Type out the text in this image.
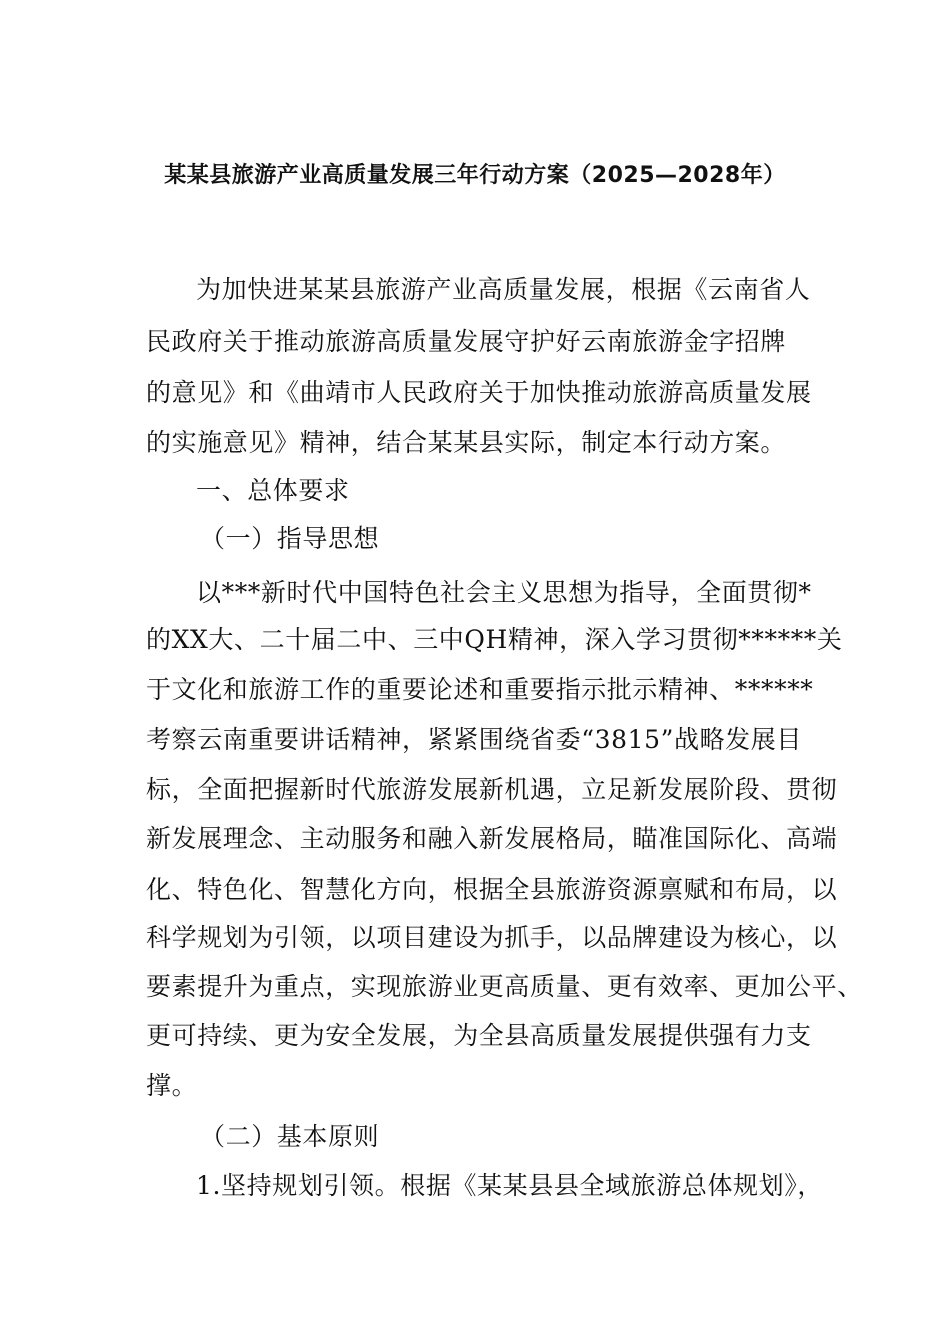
某某县旅游产业高质量发展三年行动方案（2025—2028年）
为加快进某某县旅游产业高质量发展，根据《云南省人
民政府关于推动旅游高质量发展守护好云南旅游金字招牌
的意见》和《曲靖市人民政府关于加快推动旅游高质量发展
的实施意见》精神，结合某某县实际，制定本行动方案。
一、总体要求
（一）指导思想
以***新时代中国特色社会主义思想为指导，全面贯彻*
的XX大、二十届二中、三中QH精神，深入学习贯彻******关
于文化和旅游工作的重要论述和重要指示批示精神、******
考察云南重要讲话精神，紧紧围绕省委“3815”战略发展目
标，全面把握新时代旅游发展新机遇，立足新发展阶段、贯彻
新发展理念、主动服务和融入新发展格局，瞄准国际化、高端
化、特色化、智慧化方向，根据全县旅游资源禀赋和布局，以
科学规划为引领，以项目建设为抓手，以品牌建设为核心，以
要素提升为重点，实现旅游业更高质量、更有效率、更加公平、
更可持续、更为安全发展，为全县高质量发展提供强有力支
撑。
（二）基本原则
1.坚持规划引领。根据《某某县县全域旅游总体规划》，
